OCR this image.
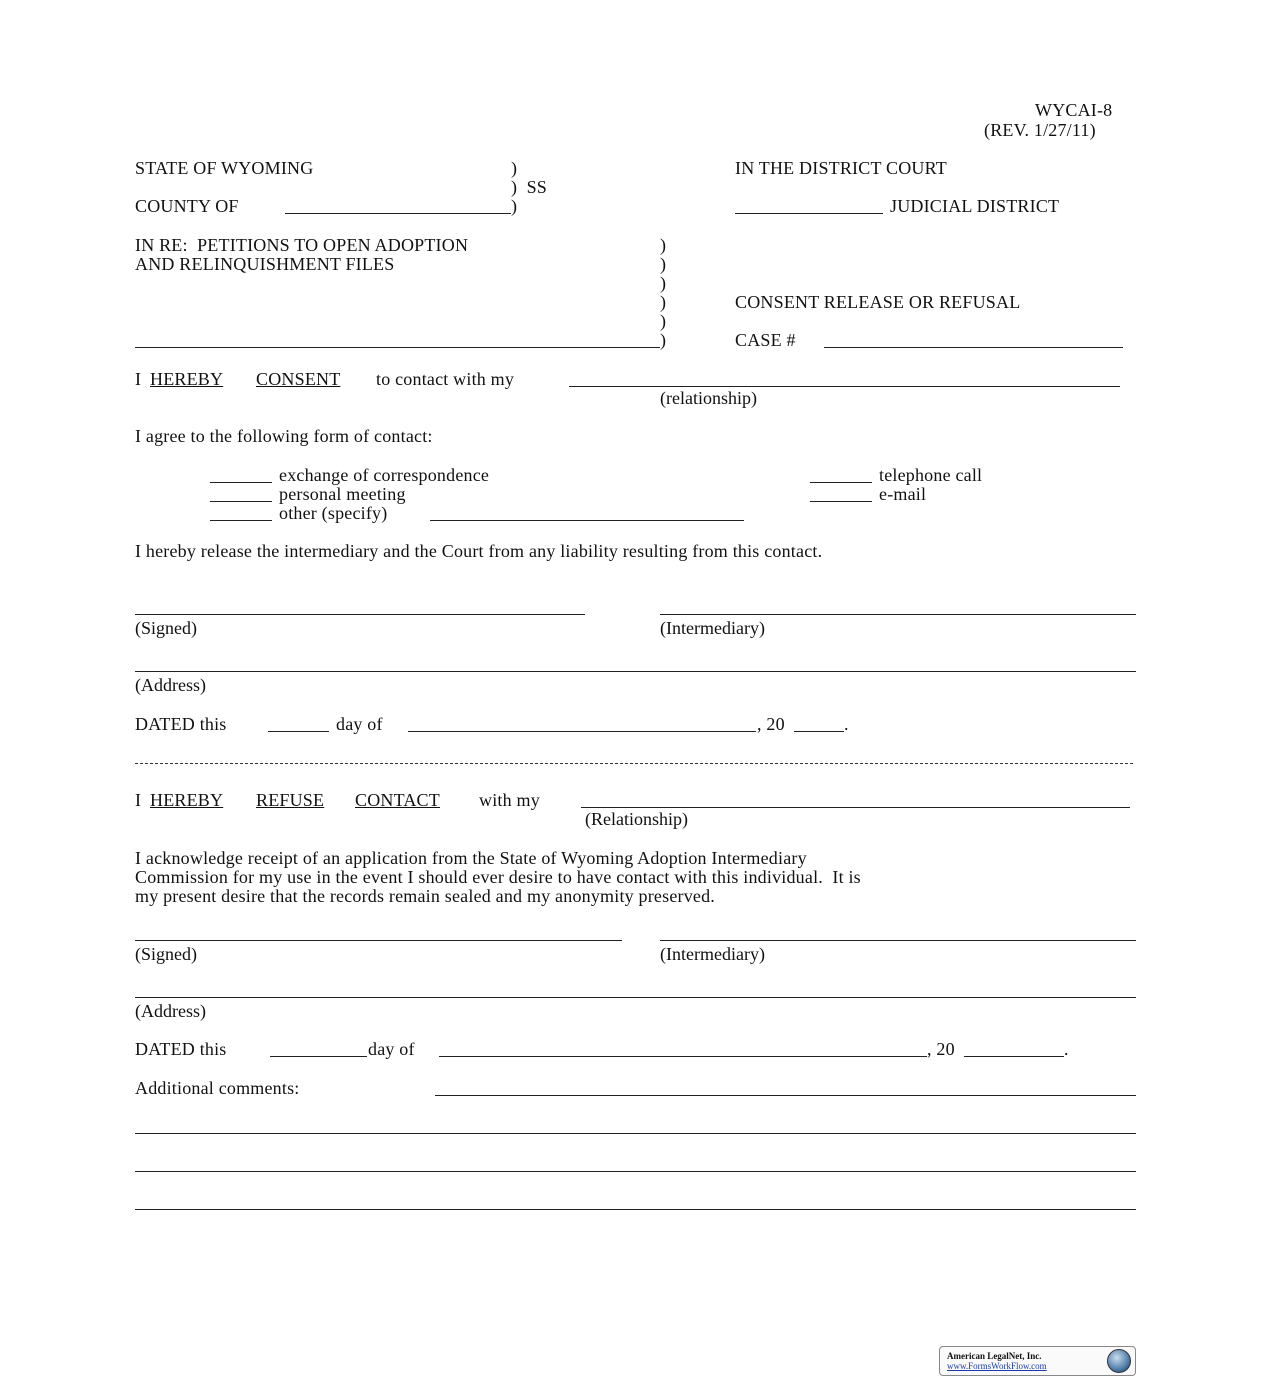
WYCAI-8
(REV. 1/27/11)
STATE OF WYOMING	)
)  SS
COUNTY OF	)
IN THE DISTRICT COURT
JUDICIAL DISTRICT
IN RE:  PETITIONS TO OPEN ADOPTION
AND RELINQUISHMENT FILES
)
)
)
)
)
)
CONSENT RELEASE OR REFUSAL
CASE #
I HEREBY CONSENT to contact with my
(relationship)
I agree to the following form of contact:
exchange of correspondence
personal meeting
other (specify)
telephone call
e-mail
I hereby release the intermediary and the Court from any liability resulting from this contact.
(Signed)	(Intermediary)
(Address)
DATED this	day of	, 20	.
I HEREBY REFUSE CONTACT with my
(Relationship)
I acknowledge receipt of an application from the State of Wyoming Adoption Intermediary
Commission for my use in the event I should ever desire to have contact with this individual.  It is
my present desire that the records remain sealed and my anonymity preserved.
(Signed)	(Intermediary)
(Address)
DATED this	day of	, 20	.
Additional comments:
American LegalNet, Inc.
www.FormsWorkFlow.com
